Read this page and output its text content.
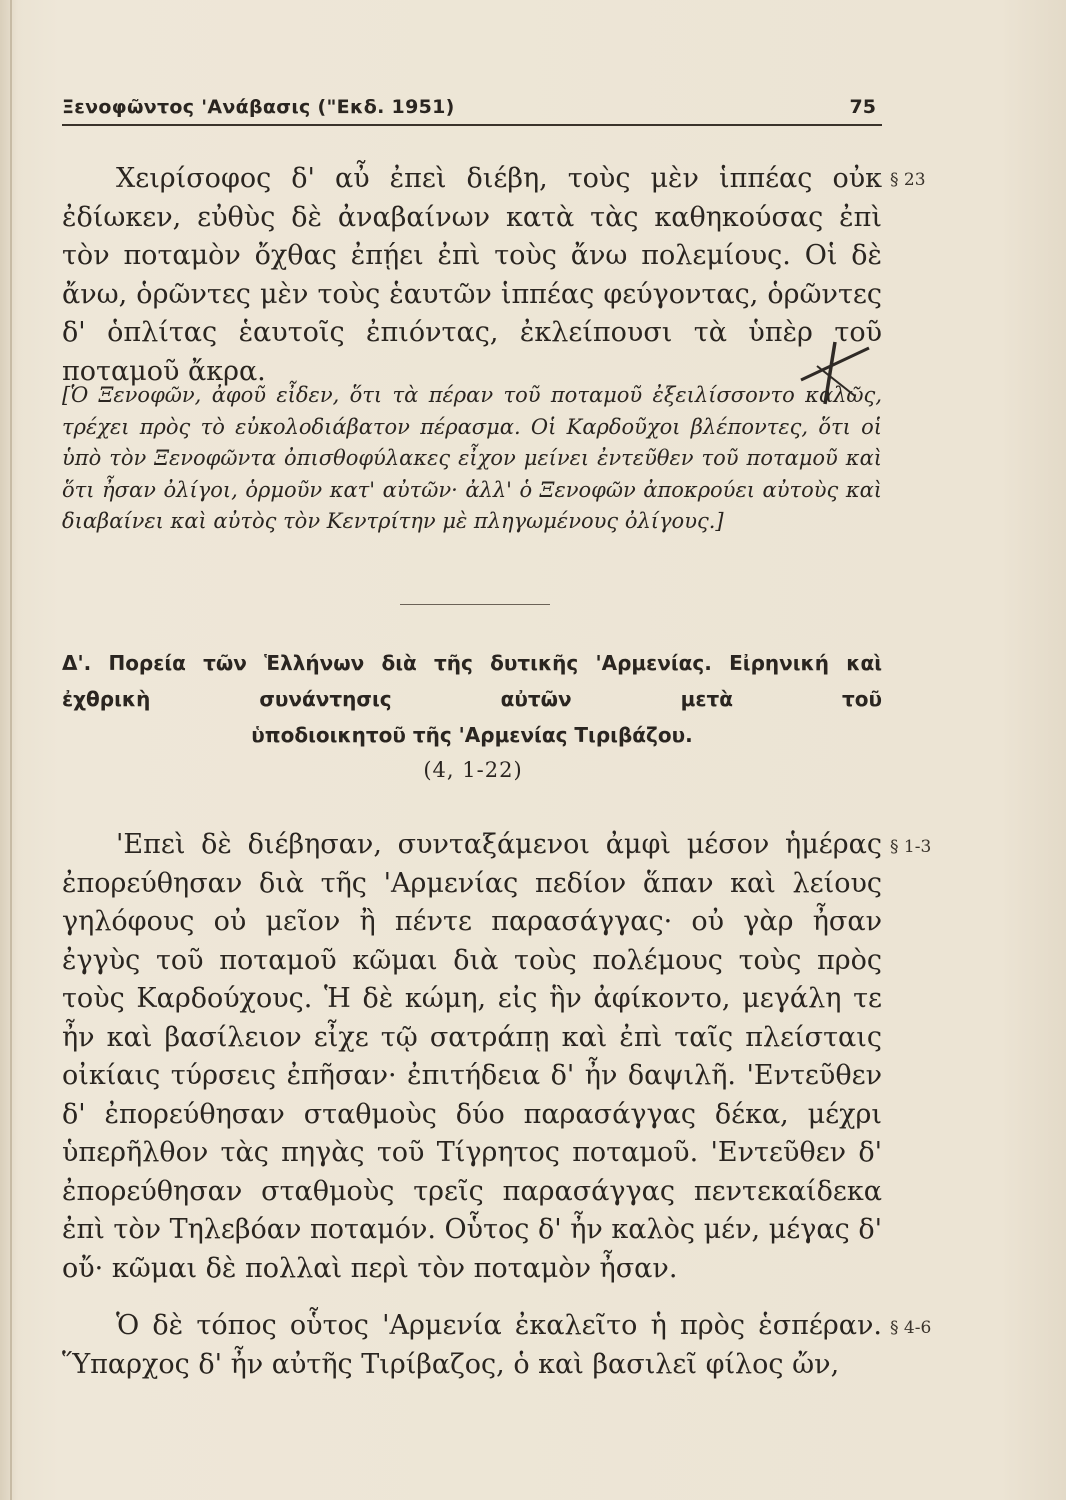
Ξενοφῶντος 'Ανάβασις ("Εκδ. 1951)	75

Χειρίσοφος δ' αὖ ἐπεὶ διέβη, τοὺς μὲν ἱππέας οὐκ ἐδίωκεν, εὐθὺς δὲ ἀναβαίνων κατὰ τὰς καθηκούσας ἐπὶ τὸν ποταμὸν ὄχθας ἐπῄει ἐπὶ τοὺς ἄνω πολεμίους. Οἱ δὲ ἄνω, ὁρῶντες μὲν τοὺς ἑαυτῶν ἱππέας φεύγοντας, ὁρῶντες δ' ὁπλίτας ἑαυτοῖς ἐπιόντας, ἐκλείπουσι τὰ ὑπὲρ τοῦ ποταμοῦ ἄκρα.

§ 23

[Ὁ Ξενοφῶν, ἀφοῦ εἶδεν, ὅτι τὰ πέραν τοῦ ποταμοῦ ἐξειλίσσοντο καλῶς, τρέχει πρὸς τὸ εὐκολοδιάβατον πέρασμα. Οἱ Καρδοῦχοι βλέποντες, ὅτι οἱ ὑπὸ τὸν Ξενοφῶντα ὀπισθοφύλακες εἶχον μείνει ἐντεῦθεν τοῦ ποταμοῦ καὶ ὅτι ἦσαν ὀλίγοι, ὁρμοῦν κατ' αὐτῶν· ἀλλ' ὁ Ξενοφῶν ἀποκρούει αὐτοὺς καὶ διαβαίνει καὶ αὐτὸς τὸν Κεντρίτην μὲ πληγωμένους ὀλίγους.]

Δ'. Πορεία τῶν Ἑλλήνων διὰ τῆς δυτικῆς 'Αρμενίας. Εἰρηνική καὶ ἐχθρικὴ συνάντησις αὐτῶν μετὰ τοῦ
ὑποδιοικητοῦ τῆς 'Αρμενίας Τιριβάζου.
(4, 1-22)

'Επεὶ δὲ διέβησαν, συνταξάμενοι ἀμφὶ μέσον ἡμέρας ἐπορεύθησαν διὰ τῆς 'Αρμενίας πεδίον ἅπαν καὶ λείους γηλόφους οὐ μεῖον ἢ πέντε παρασάγγας· οὐ γὰρ ἦσαν ἐγγὺς τοῦ ποταμοῦ κῶμαι διὰ τοὺς πολέμους τοὺς πρὸς τοὺς Καρδούχους. Ἡ δὲ κώμη, εἰς ἣν ἀφίκοντο, μεγάλη τε ἦν καὶ βασίλειον εἶχε τῷ σατράπῃ καὶ ἐπὶ ταῖς πλείσταις οἰκίαις τύρσεις ἐπῆσαν· ἐπιτήδεια δ' ἦν δαψιλῆ. 'Εντεῦθεν δ' ἐπορεύθησαν σταθμοὺς δύο παρασάγγας δέκα, μέχρι ὑπερῆλθον τὰς πηγὰς τοῦ Τίγρητος ποταμοῦ. 'Εντεῦθεν δ' ἐπορεύθησαν σταθμοὺς τρεῖς παρασάγγας πεντεκαίδεκα ἐπὶ τὸν Τηλεβόαν ποταμόν. Οὗτος δ' ἦν καλὸς μέν, μέγας δ' οὔ· κῶμαι δὲ πολλαὶ περὶ τὸν ποταμὸν ἦσαν.

§ 1-3

Ὁ δὲ τόπος οὗτος 'Αρμενία ἐκαλεῖτο ἡ πρὸς ἑσπέραν. Ὕπαρχος δ' ἦν αὐτῆς Τιρίβαζος, ὁ καὶ βασιλεῖ φίλος ὤν,

§ 4-6
